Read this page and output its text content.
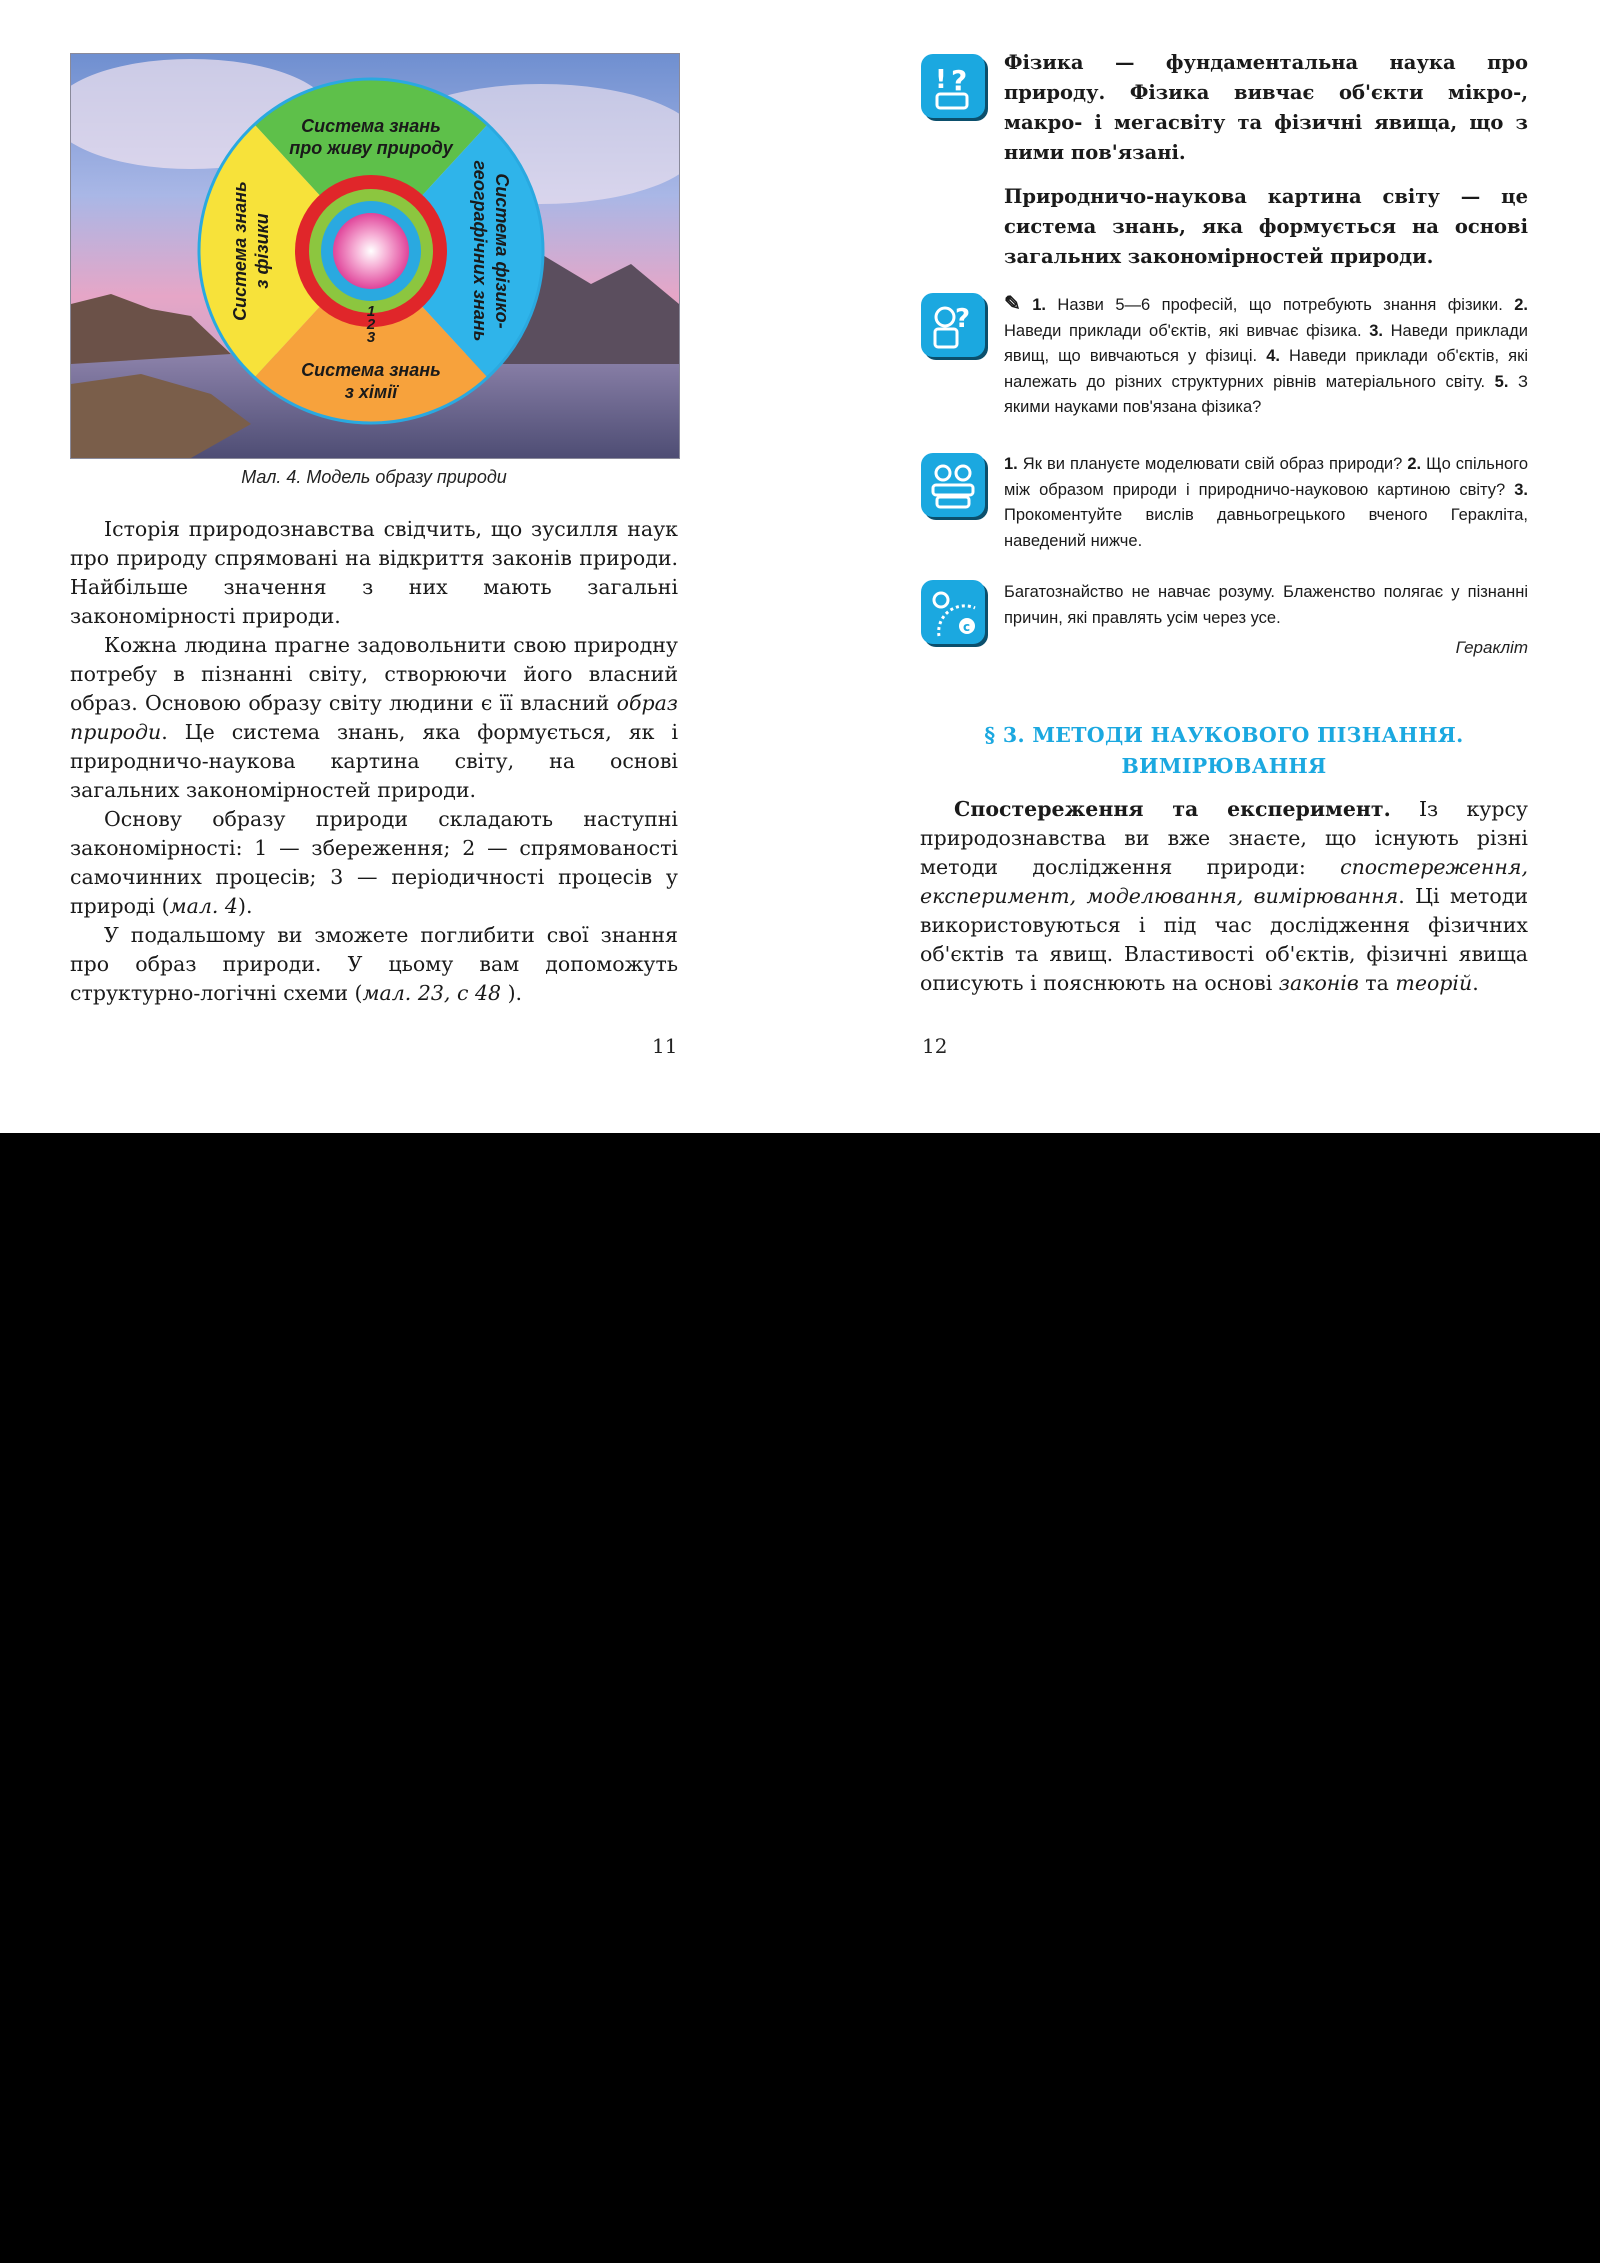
Система знань
про живу природу
Система знань
з хімії
Система знань з фізики	Система фізико-
географічних знань
1
2
3
Мал. 4. Модель образу природи

Історія природознавства свідчить, що зусилля наук про природу спрямовані на відкриття законів природи. Найбільше значення з них мають загальні закономірності природи.

Кожна людина прагне задовольнити свою природну потребу в пізнанні світу, створюючи його власний образ. Основою образу світу людини є її власний образ природи. Це система знань, яка формується, як і природничо-наукова картина світу, на основі загальних закономірностей природи.

Основу образу природи складають наступні закономірності: 1 — збереження; 2 — спрямованості самочинних процесів; 3 — періодичності процесів у природі (мал. 4).

У подальшому ви зможете поглибити свої знання про образ природи. У цьому вам допоможуть структурно-логічні схеми (мал. 23, с 48 ).

11
! ?

Фізика — фундаментальна наука про природу. Фізика вивчає об'єкти мікро-, макро- і мегасвіту та фізичні явища, що з ними пов'язані.

Природничо-наукова картина світу — це система знань, яка формується на основі загальних закономірностей природи.

? ✎ 1. Назви 5—6 професій, що потребують знання фізики. 2. Наведи приклади об'єктів, які вивчає фізика. 3. Наведи приклади явищ, що вивчаються у фізиці. 4. Наведи приклади об'єктів, які належать до різних структурних рівнів матеріального світу. 5. З якими науками пов'язана фізика?
1. Як ви плануєте моделювати свій образ природи? 2. Що спільного між образом природи і природничо-науковою картиною світу? 3. Прокоментуйте вислів давньогрецького вченого Геракліта, наведений нижче.
c
Багатознайство не навчає розуму. Блаженство полягає у пізнанні причин, які правлять усім через усе.
Геракліт
§ 3. МЕТОДИ НАУКОВОГО ПІЗНАННЯ.
ВИМІРЮВАННЯ

Спостереження та експеримент. Із курсу природознавства ви вже знаєте, що існують різні методи дослідження природи: спостереження, експеримент, моделювання, вимірювання. Ці методи використовуються і під час дослідження фізичних об'єктів та явищ. Властивості об'єктів, фізичні явища описують і пояснюють на основі законів та теорій.

12
